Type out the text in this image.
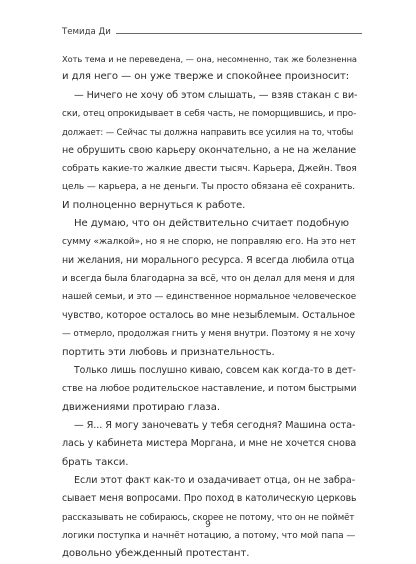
Темида Ди
Хоть тема и не переведена, — она, несомненно, так же болезненна
и для него — он уже тверже и спокойнее произносит:
— Ничего не хочу об этом слышать, — взяв стакан с ви-
ски, отец опрокидывает в себя часть, не поморщившись, и про-
должает: — Сейчас ты должна направить все усилия на то, чтобы
не обрушить свою карьеру окончательно, а не на желание
собрать какие-то жалкие двести тысяч. Карьера, Джейн. Твоя
цель — карьера, а не деньги. Ты просто обязана её сохранить.
И полноценно вернуться к работе.
Не думаю, что он действительно считает подобную
сумму «жалкой», но я не спорю, не поправляю его. На это нет
ни желания, ни морального ресурса. Я всегда любила отца
и всегда была благодарна за всё, что он делал для меня и для
нашей семьи, и это — единственное нормальное человеческое
чувство, которое осталось во мне незыблемым. Остальное
— отмерло, продолжая гнить у меня внутри. Поэтому я не хочу
портить эти любовь и признательность.
Только лишь послушно киваю, совсем как когда-то в дет-
стве на любое родительское наставление, и потом быстрыми
движениями протираю глаза.
— Я... Я могу заночевать у тебя сегодня? Машина оста-
лась у кабинета мистера Моргана, и мне не хочется снова
брать такси.
Если этот факт как-то и озадачивает отца, он не забра-
сывает меня вопросами. Про поход в католическую церковь
рассказывать не собираюсь, скорее не потому, что он не поймёт
логики поступка и начнёт нотацию, а потому, что мой папа —
довольно убежденный протестант.
9
